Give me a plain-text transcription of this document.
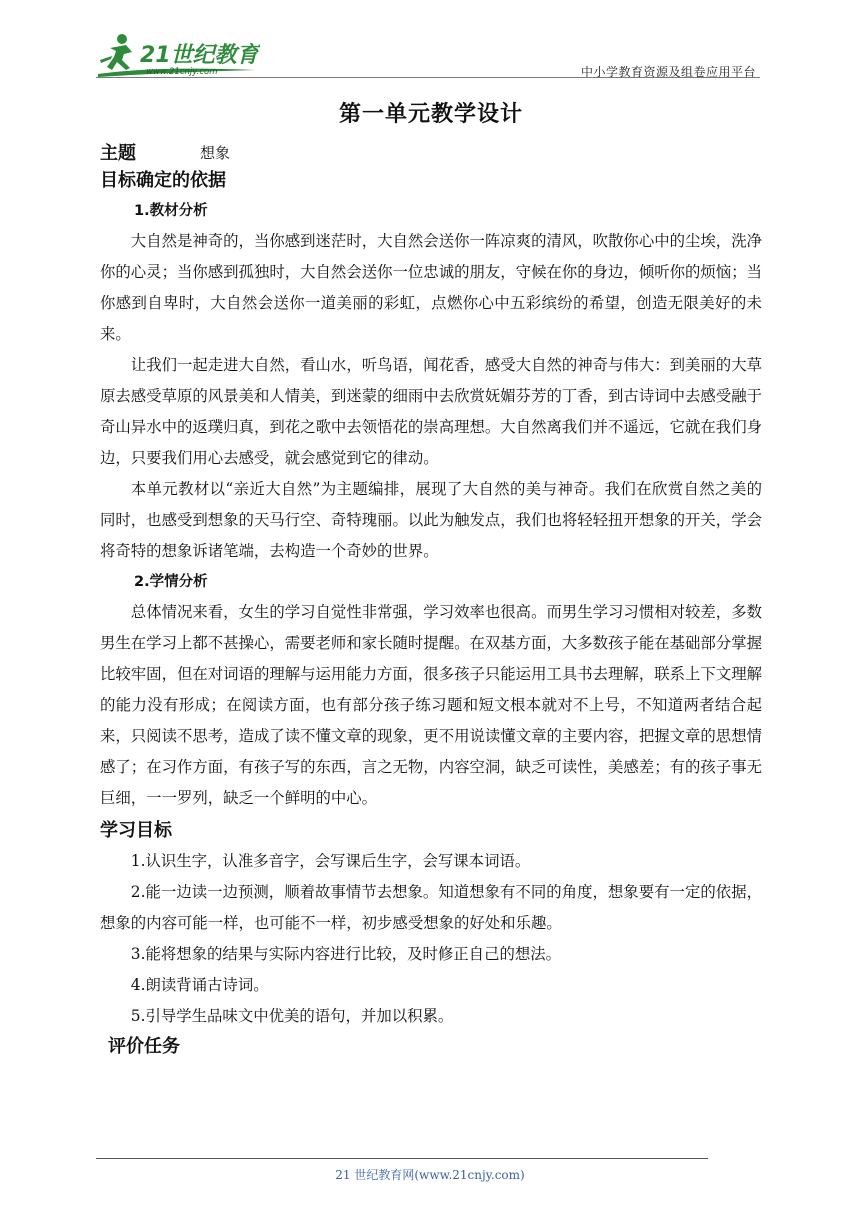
21世纪教育
www.21cnjy.com	中小学教育资源及组卷应用平台
第一单元教学设计
主题	想象
目标确定的依据
1.教材分析

大自然是神奇的，当你感到迷茫时，大自然会送你一阵凉爽的清风，吹散你心中的尘埃，洗净你的心灵；当你感到孤独时，大自然会送你一位忠诚的朋友，守候在你的身边，倾听你的烦恼；当你感到自卑时，大自然会送你一道美丽的彩虹，点燃你心中五彩缤纷的希望，创造无限美好的未来。

让我们一起走进大自然，看山水，听鸟语，闻花香，感受大自然的神奇与伟大：到美丽的大草原去感受草原的风景美和人情美，到迷蒙的细雨中去欣赏妩媚芬芳的丁香，到古诗词中去感受融于奇山异水中的返璞归真，到花之歌中去领悟花的崇高理想。大自然离我们并不遥远，它就在我们身边，只要我们用心去感受，就会感觉到它的律动。

本单元教材以“亲近大自然”为主题编排，展现了大自然的美与神奇。我们在欣赏自然之美的同时，也感受到想象的天马行空、奇特瑰丽。以此为触发点，我们也将轻轻扭开想象的开关，学会将奇特的想象诉诸笔端，去构造一个奇妙的世界。

2.学情分析

总体情况来看，女生的学习自觉性非常强，学习效率也很高。而男生学习习惯相对较差，多数男生在学习上都不甚操心，需要老师和家长随时提醒。在双基方面，大多数孩子能在基础部分掌握比较牢固，但在对词语的理解与运用能力方面，很多孩子只能运用工具书去理解，联系上下文理解的能力没有形成；在阅读方面，也有部分孩子练习题和短文根本就对不上号，不知道两者结合起来，只阅读不思考，造成了读不懂文章的现象，更不用说读懂文章的主要内容，把握文章的思想情感了；在习作方面，有孩子写的东西，言之无物，内容空洞，缺乏可读性，美感差；有的孩子事无巨细，一一罗列，缺乏一个鲜明的中心。

学习目标

1.认识生字，认准多音字，会写课后生字，会写课本词语。

2.能一边读一边预测，顺着故事情节去想象。知道想象有不同的角度，想象要有一定的依据，想象的内容可能一样，也可能不一样，初步感受想象的好处和乐趣。

3.能将想象的结果与实际内容进行比较，及时修正自己的想法。

4.朗读背诵古诗词。

5.引导学生品味文中优美的语句，并加以积累。

评价任务
21 世纪教育网(www.21cnjy.com)
